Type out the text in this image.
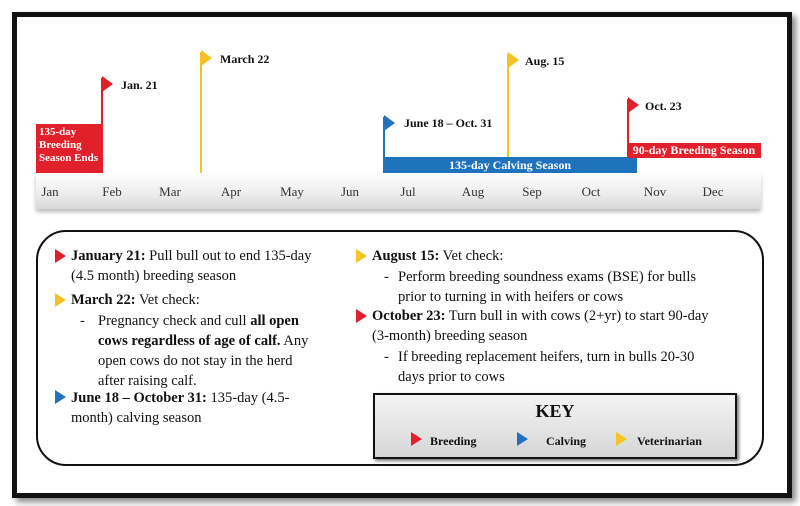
Jan	Feb	Mar	Apr	May	Jun	Jul	Aug	Sep	Oct	Nov	Dec
135-day
Breeding
Season Ends	135-day Calving Season
90-day Breeding Season
Jan. 21
March 22
June 18 – Oct. 31
Aug. 15
Oct. 23
January 21: Pull bull out to end 135-day
(4.5 month) breeding season
March 22: Vet check:
- Pregnancy check and cull all open
cows regardless of age of calf. Any
open cows do not stay in the herd
after raising calf.
June 18 – October 31: 135-day (4.5-
month) calving season
August 15: Vet check:
- Perform breeding soundness exams (BSE) for bulls
prior to turning in with heifers or cows
October 23: Turn bull in with cows (2+yr) to start 90-day
(3-month) breeding season
- If breeding replacement heifers, turn in bulls 20-30
days prior to cows
KEY
Breeding	Calving	Veterinarian
